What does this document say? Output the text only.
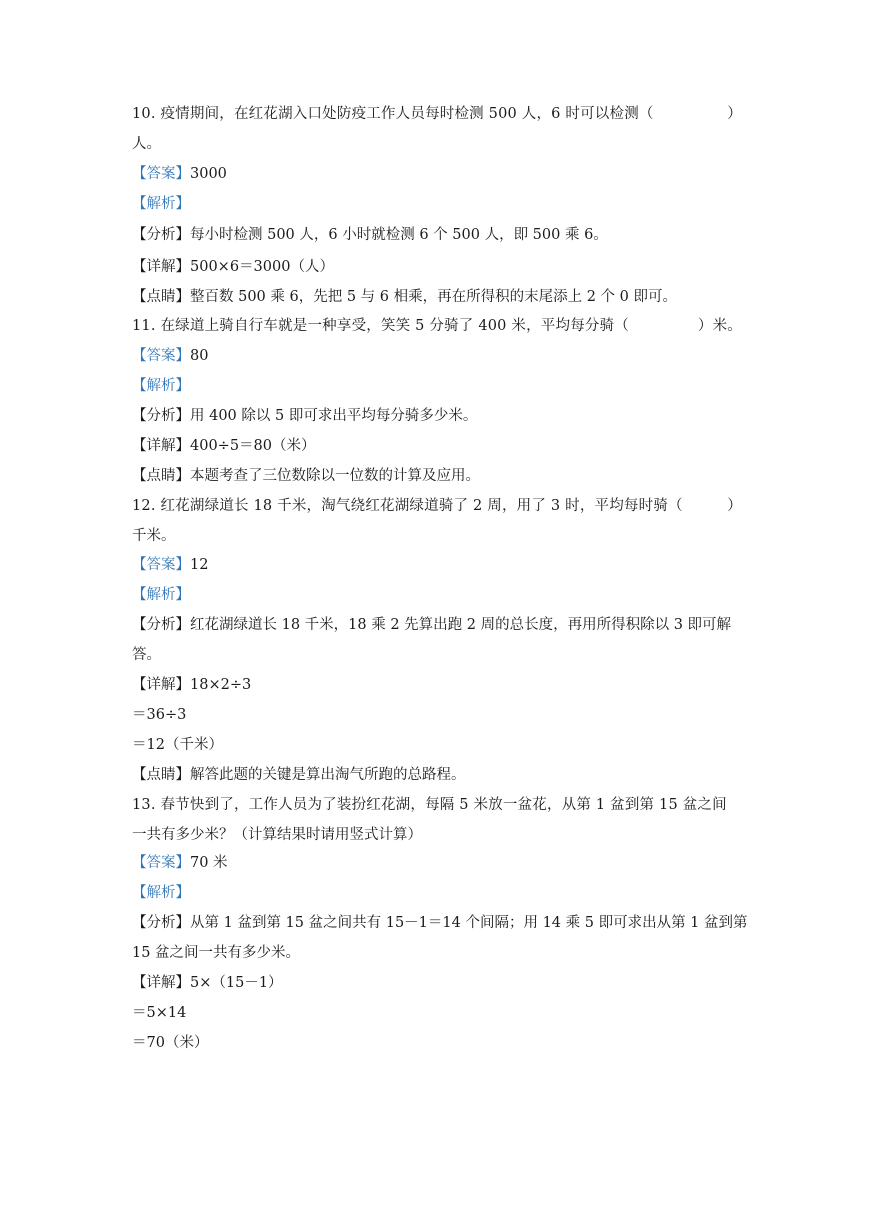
10. 疫情期间，在红花湖入口处防疫工作人员每时检测 500 人，6 时可以检测（	）
人。
【答案】3000
【解析】
【分析】每小时检测 500 人，6 小时就检测 6 个 500 人，即 500 乘 6。
【详解】500×6＝3000（人）
【点睛】整百数 500 乘 6，先把 5 与 6 相乘，再在所得积的末尾添上 2 个 0 即可。
11. 在绿道上骑自行车就是一种享受，笑笑 5 分骑了 400 米，平均每分骑（	）米。
【答案】80
【解析】
【分析】用 400 除以 5 即可求出平均每分骑多少米。
【详解】400÷5＝80（米）
【点睛】本题考查了三位数除以一位数的计算及应用。
12. 红花湖绿道长 18 千米，淘气绕红花湖绿道骑了 2 周，用了 3 时，平均每时骑（	）
千米。
【答案】12
【解析】
【分析】红花湖绿道长 18 千米，18 乘 2 先算出跑 2 周的总长度，再用所得积除以 3 即可解
答。
【详解】18×2÷3
＝36÷3
＝12（千米）
【点睛】解答此题的关键是算出淘气所跑的总路程。
13. 春节快到了，工作人员为了装扮红花湖，每隔 5 米放一盆花，从第 1 盆到第 15 盆之间
一共有多少米？（计算结果时请用竖式计算）
【答案】70 米
【解析】
【分析】从第 1 盆到第 15 盆之间共有 15－1＝14 个间隔；用 14 乘 5 即可求出从第 1 盆到第
15 盆之间一共有多少米。
【详解】5×（15－1）
＝5×14
＝70（米）
